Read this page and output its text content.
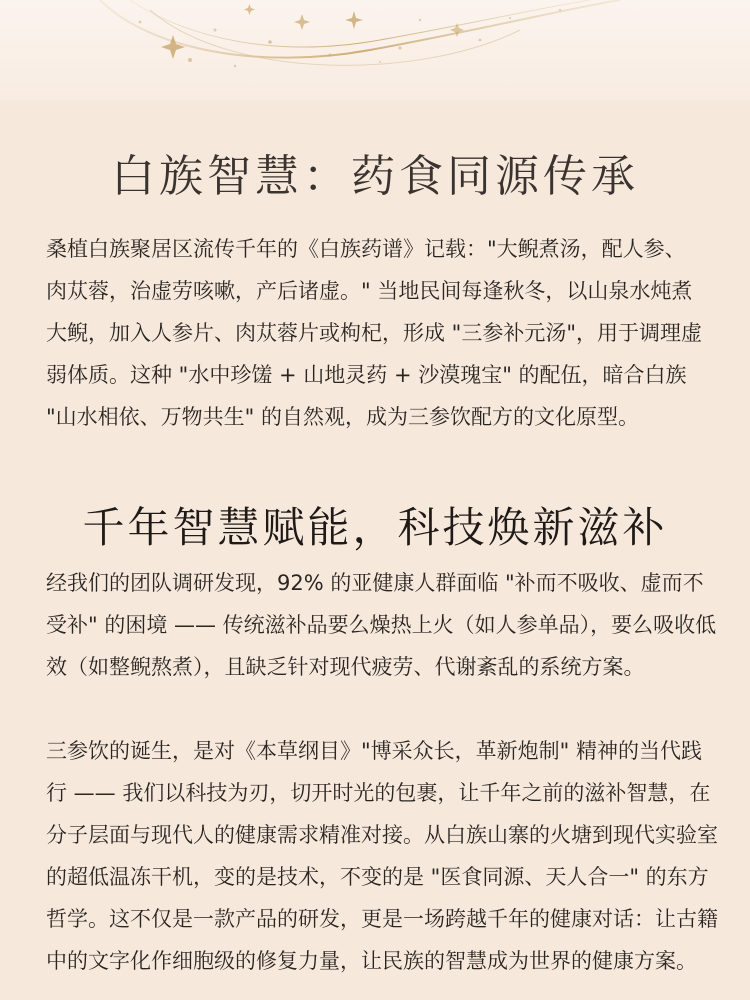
白族智慧：药食同源传承

桑植白族聚居区流传千年的《白族药谱》记载："大鲵煮汤，配人参、肉苁蓉，治虚劳咳嗽，产后诸虚。" 当地民间每逢秋冬，以山泉水炖煮大鲵，加入人参片、肉苁蓉片或枸杞，形成 "三参补元汤"，用于调理虚弱体质。这种 "水中珍馐 + 山地灵药 + 沙漠瑰宝" 的配伍，暗合白族 "山水相依、万物共生" 的自然观，成为三参饮配方的文化原型。

千年智慧赋能，科技焕新滋补

经我们的团队调研发现，92% 的亚健康人群面临 "补而不吸收、虚而不受补" 的困境 —— 传统滋补品要么燥热上火（如人参单品），要么吸收低效（如整鲵熬煮），且缺乏针对现代疲劳、代谢紊乱的系统方案。

三参饮的诞生，是对《本草纲目》"博采众长，革新炮制" 精神的当代践行 —— 我们以科技为刃，切开时光的包裹，让千年之前的滋补智慧，在分子层面与现代人的健康需求精准对接。从白族山寨的火塘到现代实验室的超低温冻干机，变的是技术，不变的是 "医食同源、天人合一" 的东方哲学。这不仅是一款产品的研发，更是一场跨越千年的健康对话：让古籍中的文字化作细胞级的修复力量，让民族的智慧成为世界的健康方案。
